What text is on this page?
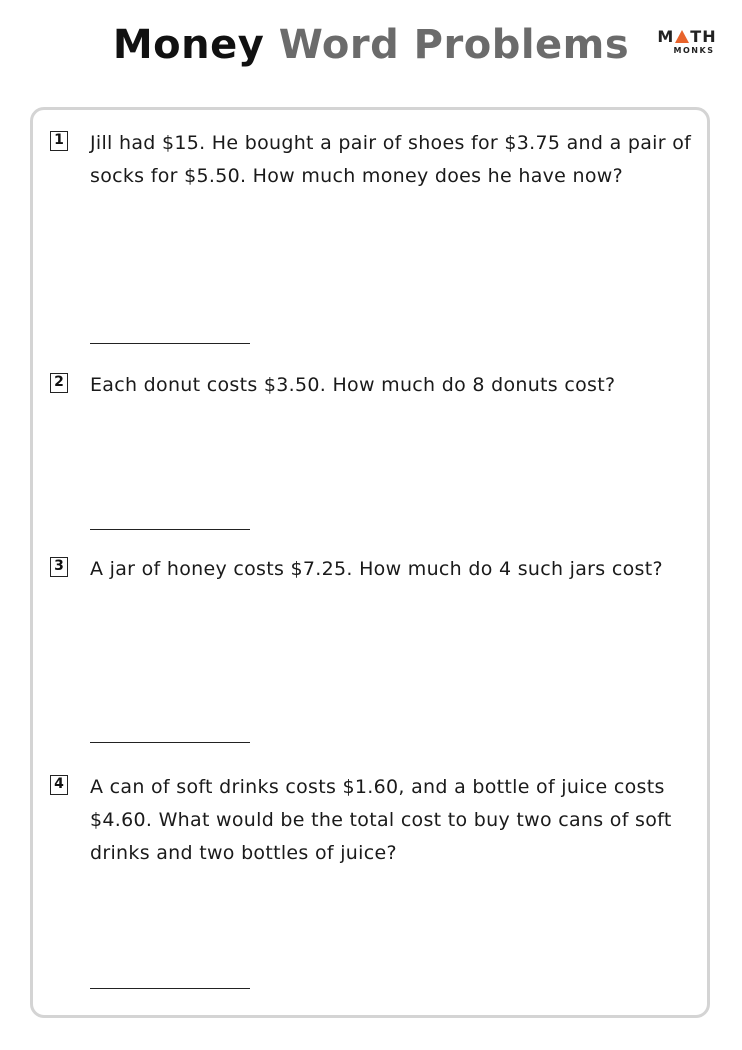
Money Word Problems	M TH
MONKS
1 Jill had $15. He bought a pair of shoes for $3.75 and a pair of socks for $5.50. How much money does he have now?
2 Each donut costs $3.50. How much do 8 donuts cost?
3 A jar of honey costs $7.25. How much do 4 such jars cost?
4 A can of soft drinks costs $1.60, and a bottle of juice costs $4.60. What would be the total cost to buy two cans of soft drinks and two bottles of juice?
